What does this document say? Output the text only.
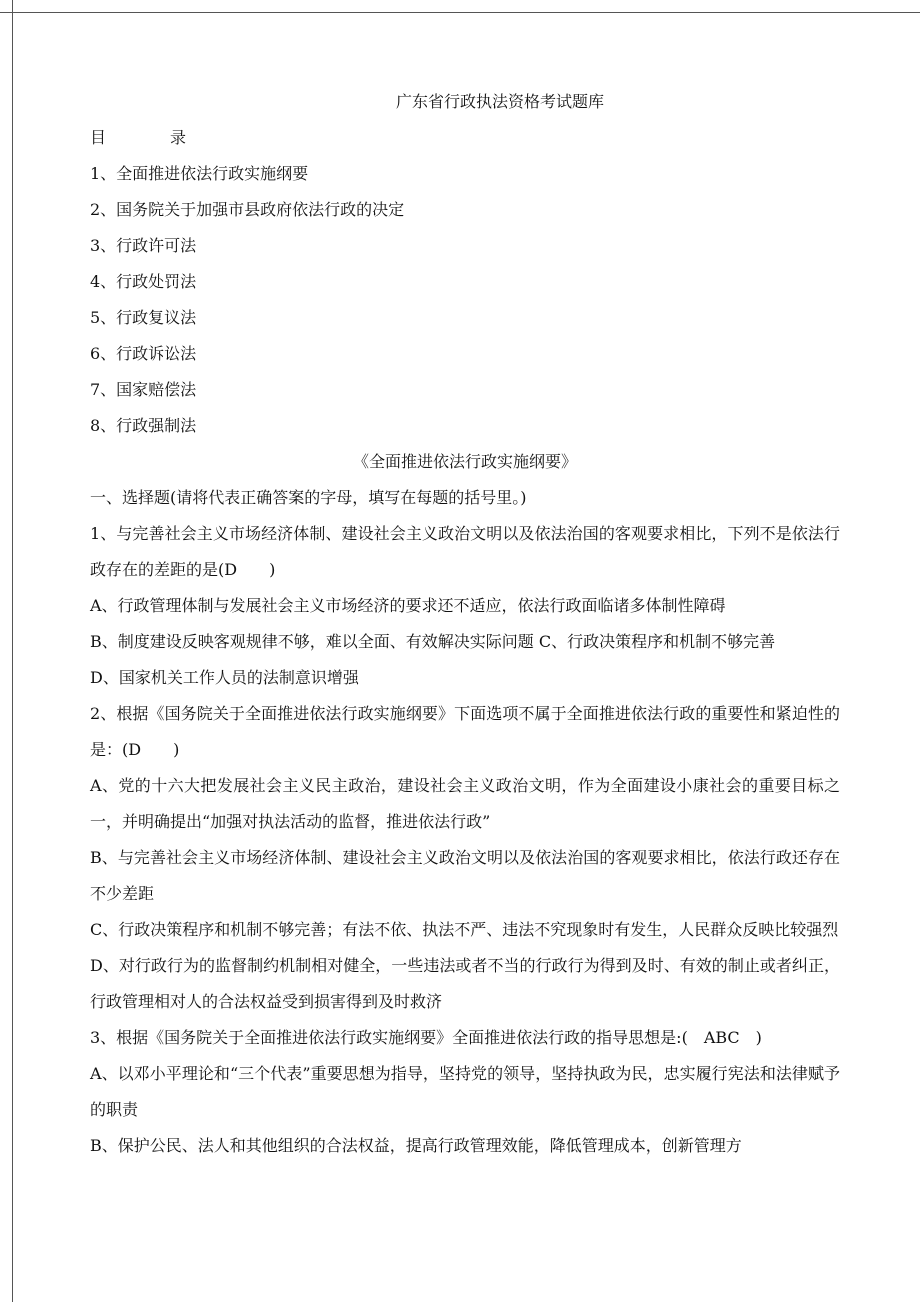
广东省行政执法资格考试题库

目	录

1、全面推进依法行政实施纲要

2、国务院关于加强市县政府依法行政的决定

3、行政许可法

4、行政处罚法

5、行政复议法

6、行政诉讼法

7、国家赔偿法

8、行政强制法

《全面推进依法行政实施纲要》

一、选择题(请将代表正确答案的字母，填写在每题的括号里。)

1、与完善社会主义市场经济体制、建设社会主义政治文明以及依法治国的客观要求相比，下列不是依法行政存在的差距的是(D　　)

A、行政管理体制与发展社会主义市场经济的要求还不适应，依法行政面临诸多体制性障碍

B、制度建设反映客观规律不够，难以全面、有效解决实际问题 C、行政决策程序和机制不够完善

D、国家机关工作人员的法制意识增强

2、根据《国务院关于全面推进依法行政实施纲要》下面选项不属于全面推进依法行政的重要性和紧迫性的是：(D　　)

A、党的十六大把发展社会主义民主政治，建设社会主义政治文明，作为全面建设小康社会的重要目标之一，并明确提出“加强对执法活动的监督，推进依法行政”

B、与完善社会主义市场经济体制、建设社会主义政治文明以及依法治国的客观要求相比，依法行政还存在不少差距

C、行政决策程序和机制不够完善；有法不依、执法不严、违法不究现象时有发生，人民群众反映比较强烈

D、对行政行为的监督制约机制相对健全，一些违法或者不当的行政行为得到及时、有效的制止或者纠正，行政管理相对人的合法权益受到损害得到及时救济

3、根据《国务院关于全面推进依法行政实施纲要》全面推进依法行政的指导思想是:(　ABC　)

A、以邓小平理论和“三个代表”重要思想为指导，坚持党的领导，坚持执政为民，忠实履行宪法和法律赋予的职责

B、保护公民、法人和其他组织的合法权益，提高行政管理效能，降低管理成本，创新管理方
